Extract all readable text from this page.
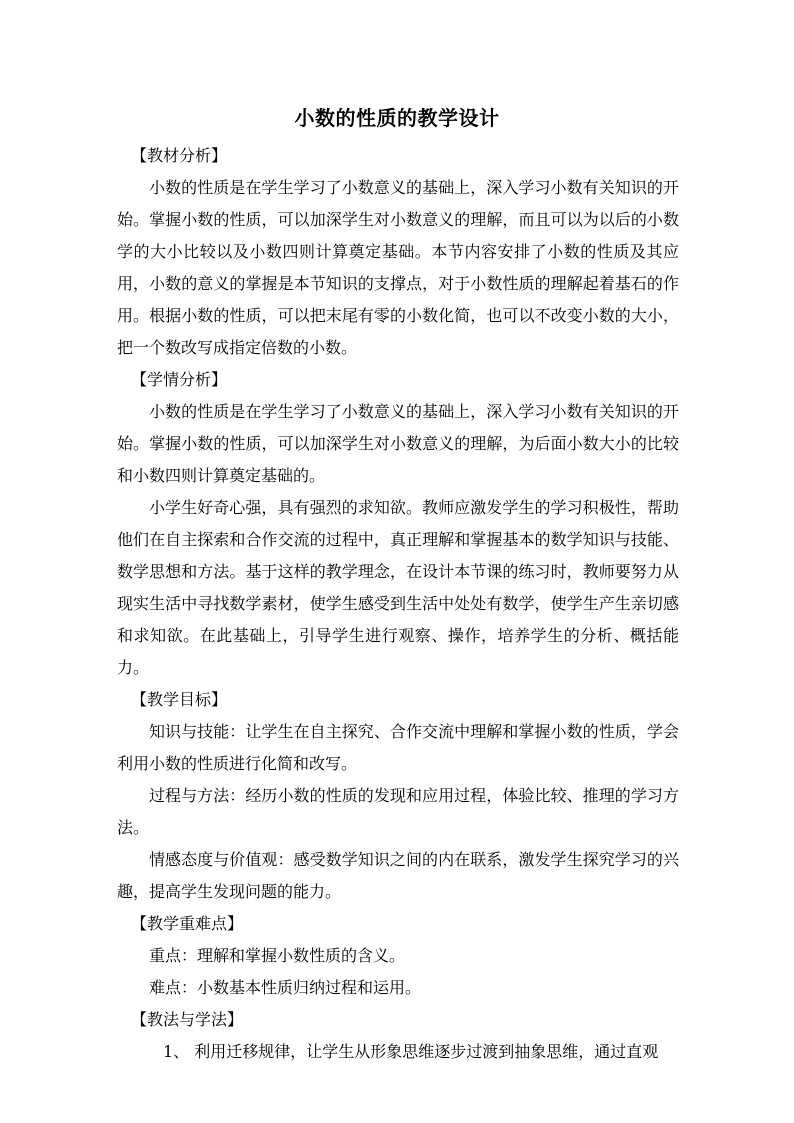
小数的性质的教学设计

【教材分析】

小数的性质是在学生学习了小数意义的基础上，深入学习小数有关知识的开始。掌握小数的性质，可以加深学生对小数意义的理解，而且可以为以后的小数学的大小比较以及小数四则计算奠定基础。本节内容安排了小数的性质及其应用，小数的意义的掌握是本节知识的支撑点，对于小数性质的理解起着基石的作用。根据小数的性质，可以把末尾有零的小数化简，也可以不改变小数的大小，把一个数改写成指定倍数的小数。

【学情分析】

小数的性质是在学生学习了小数意义的基础上，深入学习小数有关知识的开始。掌握小数的性质，可以加深学生对小数意义的理解，为后面小数大小的比较和小数四则计算奠定基础的。

小学生好奇心强，具有强烈的求知欲。教师应激发学生的学习积极性，帮助他们在自主探索和合作交流的过程中，真正理解和掌握基本的数学知识与技能、数学思想和方法。基于这样的教学理念，在设计本节课的练习时，教师要努力从现实生活中寻找数学素材，使学生感受到生活中处处有数学，使学生产生亲切感和求知欲。在此基础上，引导学生进行观察、操作，培养学生的分析、概括能力。

【教学目标】

知识与技能：让学生在自主探究、合作交流中理解和掌握小数的性质，学会利用小数的性质进行化简和改写。

过程与方法：经历小数的性质的发现和应用过程，体验比较、推理的学习方法。

情感态度与价值观：感受数学知识之间的内在联系，激发学生探究学习的兴趣，提高学生发现问题的能力。

【教学重难点】

重点：理解和掌握小数性质的含义。

难点：小数基本性质归纳过程和运用。

【教法与学法】

1、 利用迁移规律，让学生从形象思维逐步过渡到抽象思维，通过直观
